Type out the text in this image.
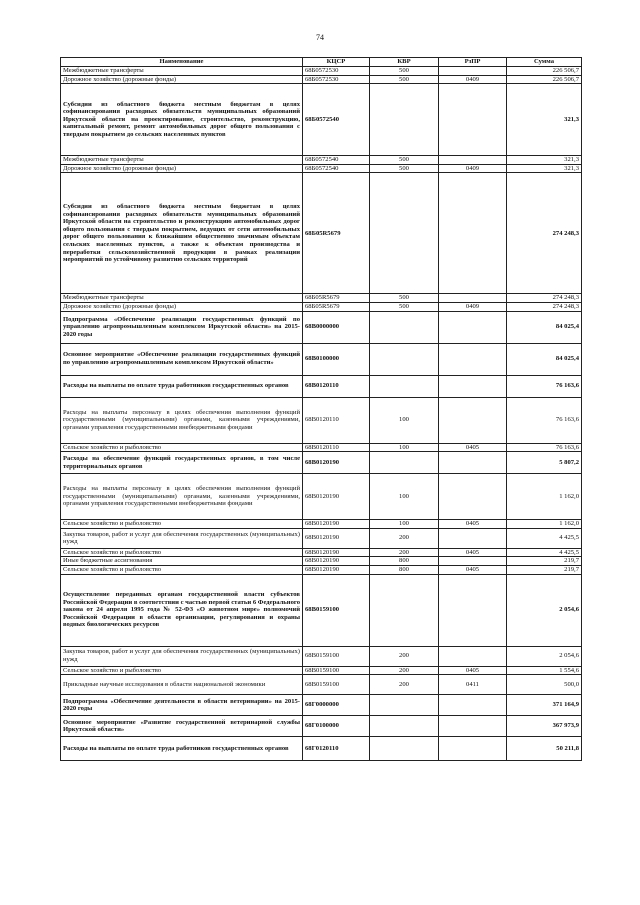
74
Наименование	КЦСР	КВР	РзПР	Сумма
Межбюджетные трансферты	68Б0572530	500		226 506,7
Дорожное хозяйство (дорожные фонды)	68Б0572530	500	0409	226 506,7
Субсидии из областного бюджета местным бюджетам в целях софинансирования расходных обязательств муниципальных образований Иркутской области на проектирование, строительство, реконструкцию, капитальный ремонт, ремонт автомобильных дорог общего пользования с твердым покрытием до сельских населенных пунктов	68Б0572540			321,3
Межбюджетные трансферты	68Б0572540	500		321,3
Дорожное хозяйство (дорожные фонды)	68Б0572540	500	0409	321,3
Субсидии из областного бюджета местным бюджетам в целях софинансирования расходных обязательств муниципальных образований Иркутской области на строительство и реконструкцию автомобильных дорог общего пользования с твердым покрытием, ведущих от сети автомобильных дорог общего пользования к ближайшим общественно значимым объектам сельских населенных пунктов, а также к объектам производства и переработки сельскохозяйственной продукции в рамках реализации мероприятий по устойчивому развитию сельских территорий	68Б05R5679			274 248,3
Межбюджетные трансферты	68Б05R5679	500		274 248,3
Дорожное хозяйство (дорожные фонды)	68Б05R5679	500	0409	274 248,3
Подпрограмма «Обеспечение реализации государственных функций по управлению агропромышленным комплексом Иркутской области» на 2015-2020 годы	68В0000000			84 025,4
Основное мероприятие «Обеспечение реализации государственных функций по управлению агропромышленным комплексом Иркутской области»	68В0100000			84 025,4
Расходы на выплаты по оплате труда работников государственных органов	68В0120110			76 163,6
Расходы на выплаты персоналу в целях обеспечения выполнения функций государственными (муниципальными) органами, казенными учреждениями, органами управления государственными внебюджетными фондами	68В0120110	100		76 163,6
Сельское хозяйство и рыболовство	68В0120110	100	0405	76 163,6
Расходы на обеспечение функций государственных органов, в том числе территориальных органов	68В0120190			5 807,2
Расходы на выплаты персоналу в целях обеспечения выполнения функций государственными (муниципальными) органами, казенными учреждениями, органами управления государственными внебюджетными фондами	68В0120190	100		1 162,0
Сельское хозяйство и рыболовство	68В0120190	100	0405	1 162,0
Закупка товаров, работ и услуг для обеспечения государственных (муниципальных) нужд	68В0120190	200		4 425,5
Сельское хозяйство и рыболовство	68В0120190	200	0405	4 425,5
Иные бюджетные ассигнования	68В0120190	800		219,7
Сельское хозяйство и рыболовство	68В0120190	800	0405	219,7
Осуществление переданных органам государственной власти субъектов Российской Федерации в соответствии с частью первой статьи 6 Федерального закона от 24 апреля 1995 года № 52-ФЗ «О животном мире» полномочий Российской Федерации в области организации, регулирования и охраны водных биологических ресурсов	68В0159100			2 054,6
Закупка товаров, работ и услуг для обеспечения государственных (муниципальных) нужд	68В0159100	200		2 054,6
Сельское хозяйство и рыболовство	68В0159100	200	0405	1 554,6
Прикладные научные исследования в области национальной экономики	68В0159100	200	0411	500,0
Подпрограмма «Обеспечение деятельности в области ветеринарии» на 2015-2020 годы	68Г0000000			371 164,9
Основное мероприятие «Развитие государственной ветеринарной службы Иркутской области»	68Г0100000			367 973,9
Расходы на выплаты по оплате труда работников государственных органов	68Г0120110			50 211,8
